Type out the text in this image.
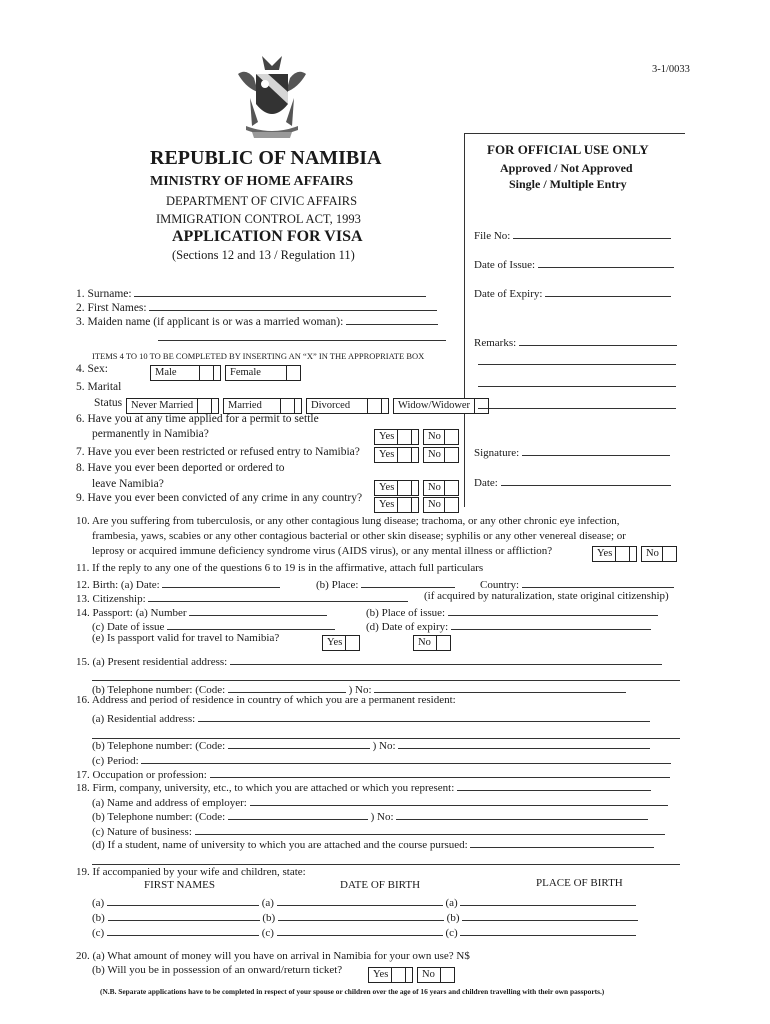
3-1/0033
REPUBLIC OF NAMIBIA
MINISTRY OF HOME AFFAIRS
DEPARTMENT OF CIVIC AFFAIRS
IMMIGRATION CONTROL ACT, 1993
APPLICATION FOR VISA
(Sections 12 and 13 / Regulation 11)
FOR OFFICIAL USE ONLY
Approved / Not Approved
Single / Multiple Entry
File No:
Date of Issue:
Date of Expiry:
Remarks:
Signature:
Date:
1. Surname:
2. First Names:
3. Maiden name (if applicant is or was a married woman):
ITEMS 4 TO 10 TO BE COMPLETED BY INSERTING AN “X” IN THE APPROPRIATE BOX
4. Sex:	Male	Female
5. Marital
Status Never Married	Married	Divorced	Widow/Widower
6. Have you at any time applied for a permit to settle
permanently in Namibia?	Yes	No
7. Have you ever been restricted or refused entry to Namibia?	Yes	No
8. Have you ever been deported or ordered to
leave Namibia?	Yes	No
9. Have you ever been convicted of any crime in any country?
Yes	No
10. Are you suffering from tuberculosis, or any other contagious lung disease; trachoma, or any other chronic eye infection,
frambesia, yaws, scabies or any other contagious bacterial or other skin disease; syphilis or any other venereal disease; or
leprosy or acquired immune deficiency syndrome virus (AIDS virus), or any mental illness or affliction?	Yes	No
11. If the reply to any one of the questions 6 to 19 is in the affirmative, attach full particulars
12. Birth: (a) Date:	(b) Place:	Country:
13. Citizenship:	(if acquired by naturalization, state original citizenship)
14. Passport: (a) Number	(b) Place of issue:
(c) Date of issue	(d) Date of expiry:
(e) Is passport valid for travel to Namibia?	Yes	No
15. (a) Present residential address:
(b) Telephone number: (Code:	) No:
16. Address and period of residence in country of which you are a permanent resident:
(a) Residential address:
(b) Telephone number: (Code:	) No:
(c) Period:
17. Occupation or profession:
18. Firm, company, university, etc., to which you are attached or which you represent:
(a) Name and address of employer:
(b) Telephone number: (Code:	) No:
(c) Nature of business:
(d) If a student, name of university to which you are attached and the course pursued:
19. If accompanied by your wife and children, state:
FIRST NAMES	DATE OF BIRTH	PLACE OF BIRTH
(a)	(a)	(a)
(b)	(b)	(b)
(c)	(c)	(c)
20. (a) What amount of money will you have on arrival in Namibia for your own use? N$
(b) Will you be in possession of an onward/return ticket?	Yes	No
(N.B. Separate applications have to be completed in respect of your spouse or children over the age of 16 years and children travelling with their own passports.)
